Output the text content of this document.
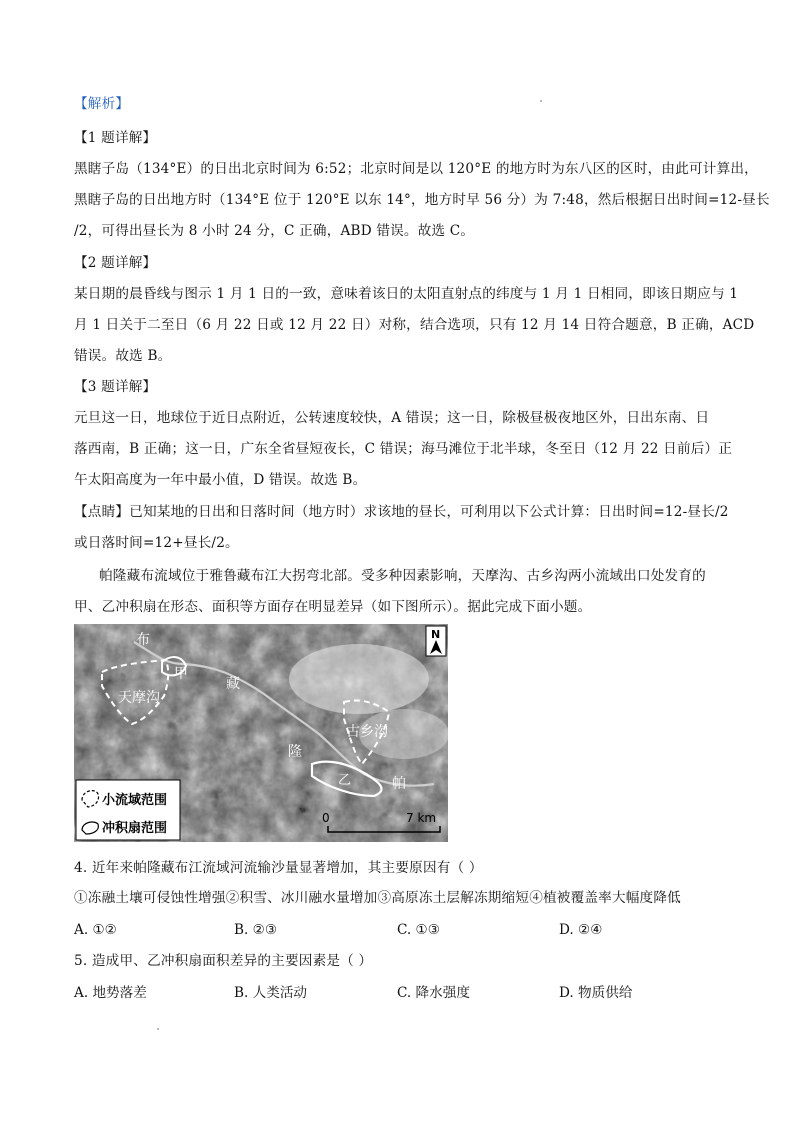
【解析】
【1 题详解】
黑瞎子岛（134°E）的日出北京时间为 6:52；北京时间是以 120°E 的地方时为东八区的区时，由此可计算出，
黑瞎子岛的日出地方时（134°E 位于 120°E 以东 14°，地方时早 56 分）为 7:48，然后根据日出时间=12-昼长
/2，可得出昼长为 8 小时 24 分，C 正确，ABD 错误。故选 C。
【2 题详解】
某日期的晨昏线与图示 1 月 1 日的一致，意味着该日的太阳直射点的纬度与 1 月 1 日相同，即该日期应与 1
月 1 日关于二至日（6 月 22 日或 12 月 22 日）对称，结合选项，只有 12 月 14 日符合题意，B 正确，ACD
错误。故选 B。
【3 题详解】
元旦这一日，地球位于近日点附近，公转速度较快，A 错误；这一日，除极昼极夜地区外，日出东南、日
落西南，B 正确；这一日，广东全省昼短夜长，C 错误；海马滩位于北半球，冬至日（12 月 22 日前后）正
午太阳高度为一年中最小值，D 错误。故选 B。
【点睛】已知某地的日出和日落时间（地方时）求该地的昼长，可利用以下公式计算：日出时间=12-昼长/2
或日落时间=12+昼长/2。
帕隆藏布流域位于雅鲁藏布江大拐弯北部。受多种因素影响，天摩沟、古乡沟两小流域出口处发育的
甲、乙冲积扇在形态、面积等方面存在明显差异（如下图所示）。据此完成下面小题。
布
甲
天摩沟
藏
古乡沟
隆
乙	帕
N
小流域范围
冲积扇范围
0	7 km
4. 近年来帕隆藏布江流域河流输沙量显著增加，其主要原因有（ ）
①冻融土壤可侵蚀性增强②积雪、冰川融水量增加③高原冻土层解冻期缩短④植被覆盖率大幅度降低
A. ①②	B. ②③	C. ①③	D. ②④
5. 造成甲、乙冲积扇面积差异的主要因素是（ ）
A. 地势落差	B. 人类活动	C. 降水强度	D. 物质供给
